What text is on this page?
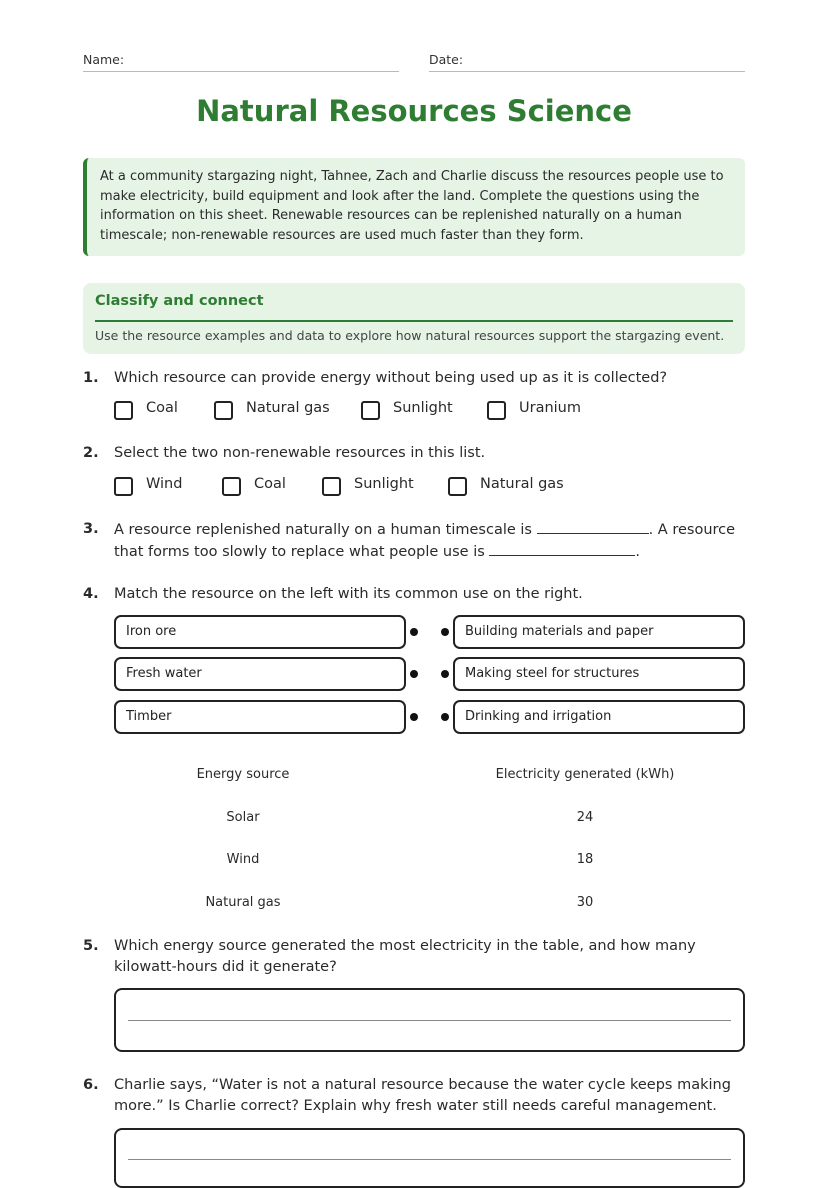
Name:	Date:
Natural Resources Science
At a community stargazing night, Tahnee, Zach and Charlie discuss the resources people use to make electricity, build equipment and look after the land. Complete the questions using the information on this sheet. Renewable resources can be replenished naturally on a human timescale; non-renewable resources are used much faster than they form.
Classify and connect
Use the resource examples and data to explore how natural resources support the stargazing event.
1. Which resource can provide energy without being used up as it is collected?
Coal	Natural gas	Sunlight	Uranium
2. Select the two non-renewable resources in this list.
Wind	Coal	Sunlight	Natural gas
3. A resource replenished naturally on a human timescale is	. A resource that forms too slowly to replace what people use is	.
4. Match the resource on the left with its common use on the right.
Iron ore
Fresh water
Timber
Building materials and paper
Making steel for structures
Drinking and irrigation
Energy source	Electricity generated (kWh)
Solar	24
Wind	18
Natural gas	30
5. Which energy source generated the most electricity in the table, and how many kilowatt-hours did it generate?
6. Charlie says, “Water is not a natural resource because the water cycle keeps making more.” Is Charlie correct? Explain why fresh water still needs careful management.
